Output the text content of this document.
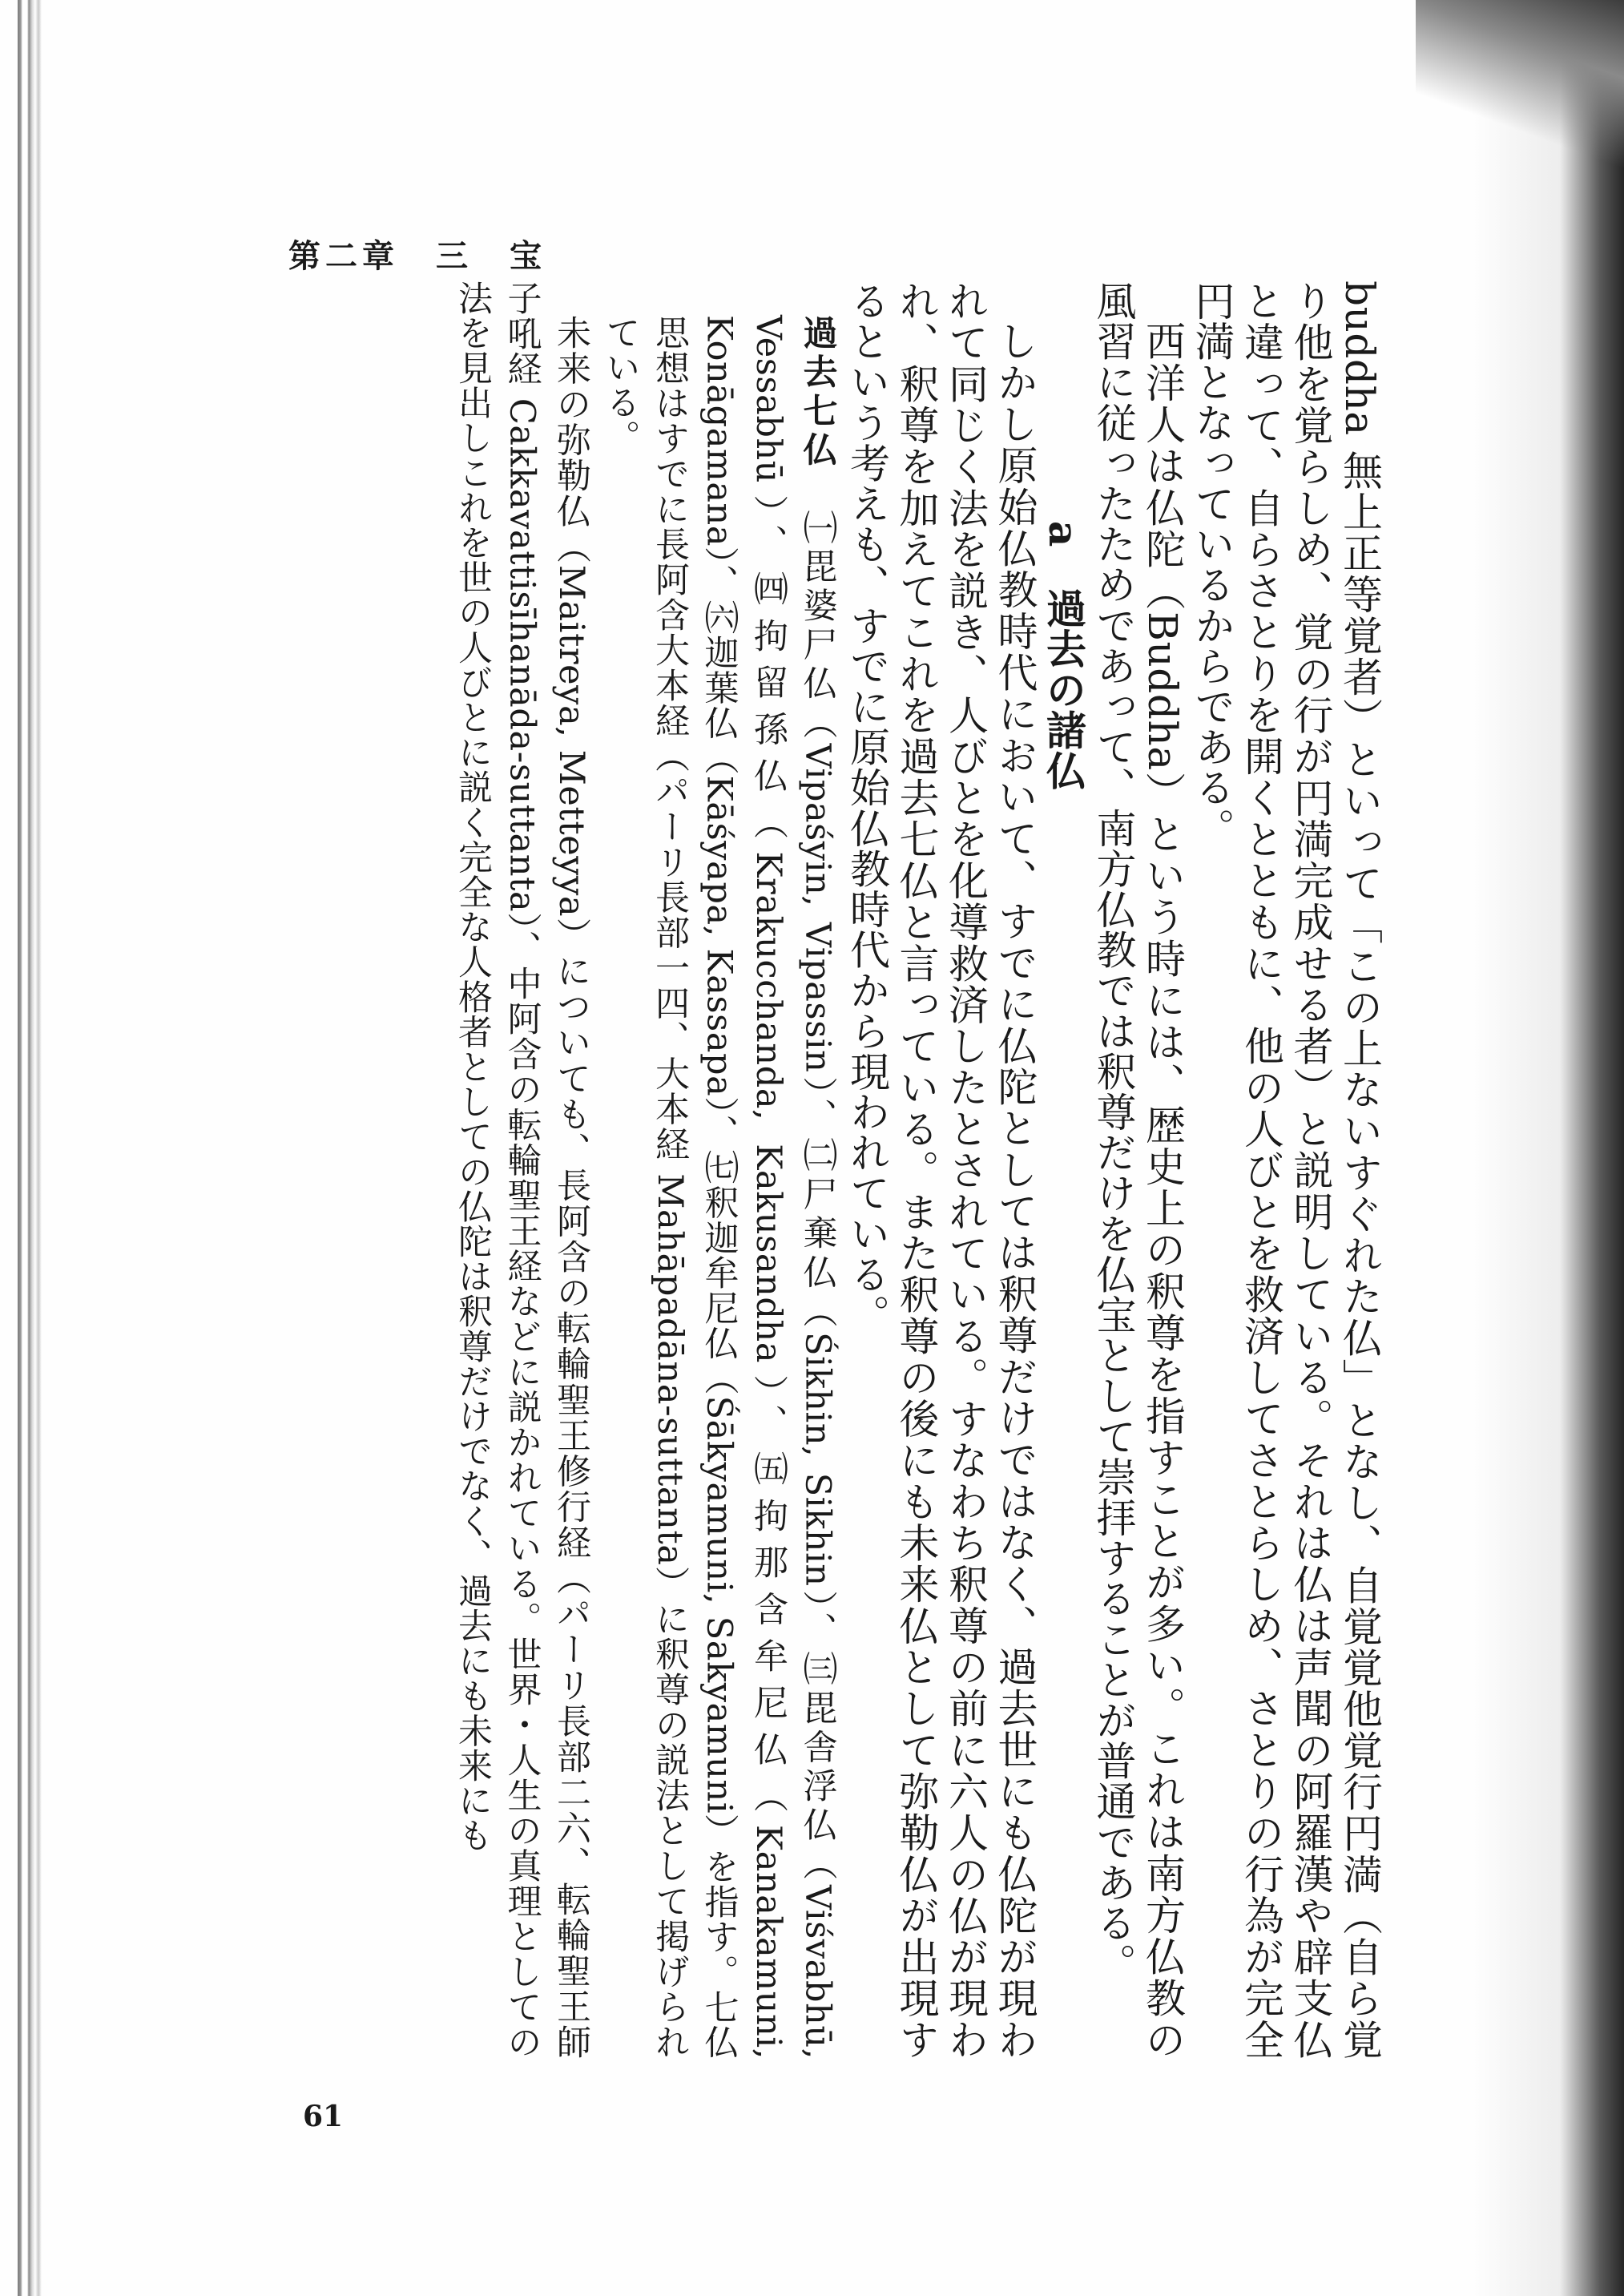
第二章　三　宝

buddha 無上正等覚者）といって「この上ないすぐれた仏」となし、自覚覚他覚行円満（自ら覚り他を覚らしめ、覚の行が円満完成せる者）と説明している。それは仏は声聞の阿羅漢や辟支仏と違って、自らさとりを開くとともに、他の人びとを救済してさとらしめ、さとりの行為が完全円満となっているからである。

西洋人は仏陀（Buddha）という時には、歴史上の釈尊を指すことが多い。これは南方仏教の風習に従ったためであって、南方仏教では釈尊だけを仏宝として崇拝することが普通である。

a　過去の諸仏

しかし原始仏教時代において、すでに仏陀としては釈尊だけではなく、過去世にも仏陀が現われて同じく法を説き、人びとを化導救済したとされている。すなわち釈尊の前に六人の仏が現われ、釈尊を加えてこれを過去七仏と言っている。また釈尊の後にも未来仏として弥勒仏が出現するという考えも、すでに原始仏教時代から現われている。

過去七仏　㈠毘婆尸仏（Vipaśyin, Vipassin）、㈡尸棄仏（Śikhin, Sikhin）、㈢毘舎浮仏（Viśvabhū, Vessabhū）、㈣拘留孫仏（Krakucchanda, Kakusandha）、㈤拘那含牟尼仏（Kanakamuni, Konāgamana）、㈥迦葉仏（Kāśyapa, Kassapa）、㈦釈迦牟尼仏（Śākyamuni, Sakyamuni）を指す。七仏思想はすでに長阿含大本経（パーリ長部一四、大本経 Mahāpadāna-suttanta）に釈尊の説法として掲げられている。

未来の弥勒仏（Maitreya, Metteyya）についても、長阿含の転輪聖王修行経（パーリ長部二六、転輪聖王師子吼経 Cakkavattisīhanāda-suttanta）、中阿含の転輪聖王経などに説かれている。世界・人生の真理としての法を見出しこれを世の人びとに説く完全な人格者としての仏陀は釈尊だけでなく、過去にも未来にも

61
